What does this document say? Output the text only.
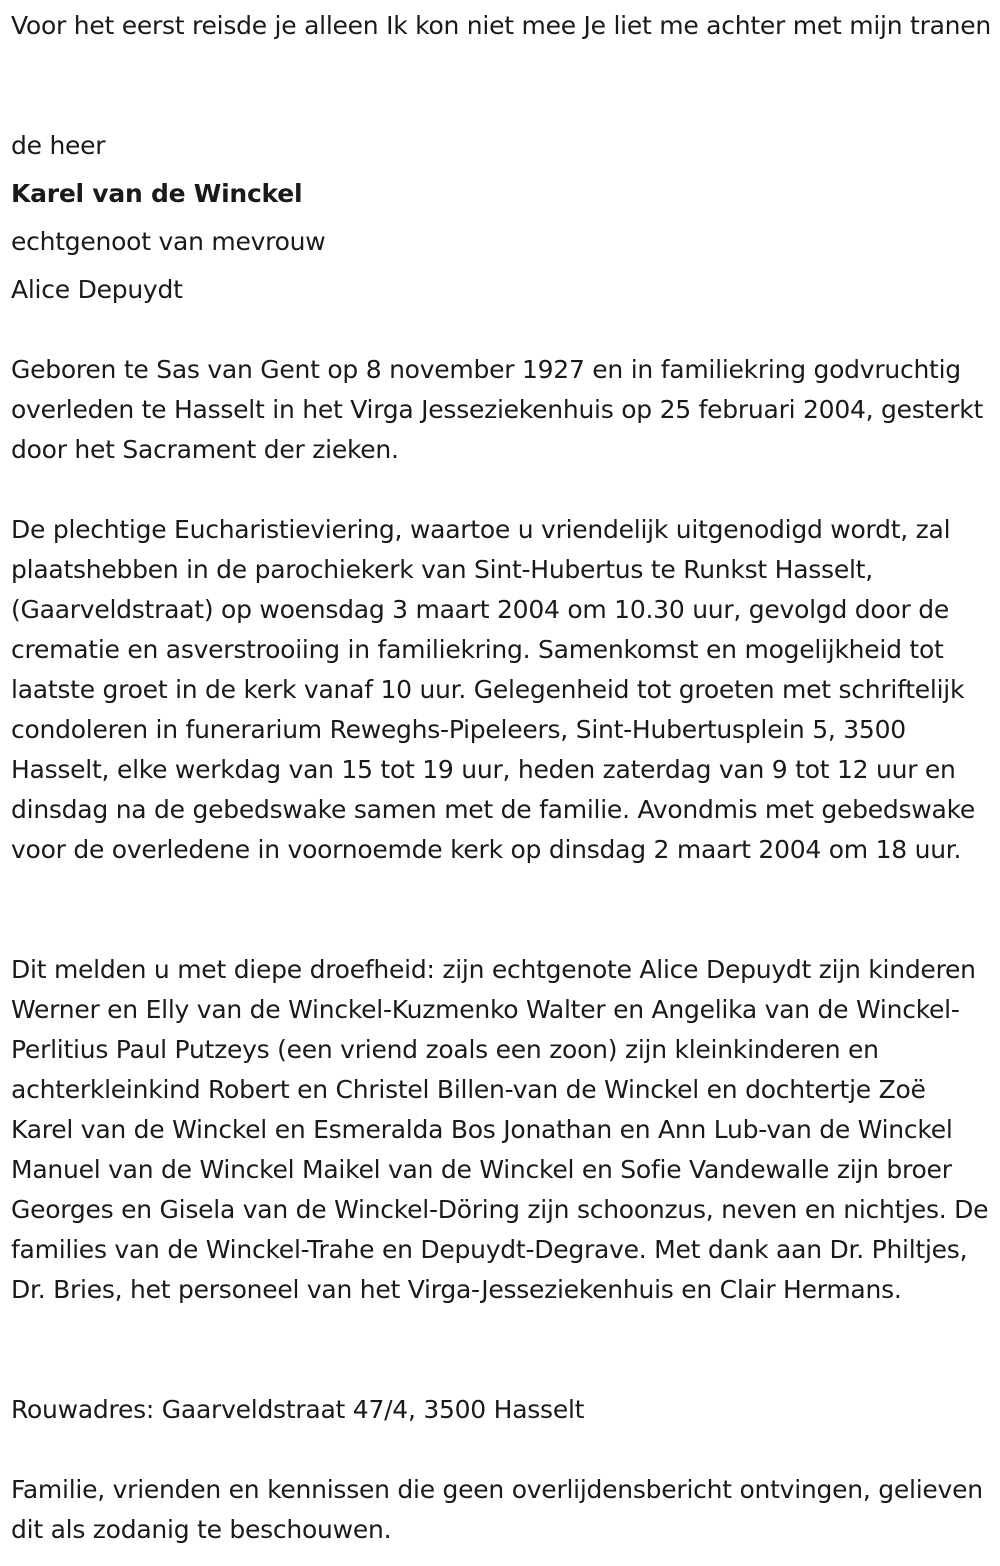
Voor het eerst reisde je alleen Ik kon niet mee Je liet me achter met mijn tranen

de heer

Karel van de Winckel

echtgenoot van mevrouw

Alice Depuydt

Geboren te Sas van Gent op 8 november 1927 en in familiekring godvruchtig overleden te Hasselt in het Virga Jesseziekenhuis op 25 februari 2004, gesterkt door het Sacrament der zieken.

De plechtige Eucharistieviering, waartoe u vriendelijk uitgenodigd wordt, zal plaatshebben in de parochiekerk van Sint-Hubertus te Runkst Hasselt, (Gaarveldstraat) op woensdag 3 maart 2004 om 10.30 uur, gevolgd door de crematie en asverstrooiing in familiekring. Samenkomst en mogelijkheid tot laatste groet in de kerk vanaf 10 uur. Gelegenheid tot groeten met schriftelijk condoleren in funerarium Reweghs-Pipeleers, Sint-Hubertusplein 5, 3500 Hasselt, elke werkdag van 15 tot 19 uur, heden zaterdag van 9 tot 12 uur en dinsdag na de gebedswake samen met de familie. Avondmis met gebedswake voor de overledene in voornoemde kerk op dinsdag 2 maart 2004 om 18 uur.

Dit melden u met diepe droefheid: zijn echtgenote Alice Depuydt zijn kinderen Werner en Elly van de Winckel-Kuzmenko Walter en Angelika van de Winckel-Perlitius Paul Putzeys (een vriend zoals een zoon) zijn kleinkinderen en achterkleinkind Robert en Christel Billen-van de Winckel en dochtertje Zoë Karel van de Winckel en Esmeralda Bos Jonathan en Ann Lub-van de Winckel Manuel van de Winckel Maikel van de Winckel en Sofie Vandewalle zijn broer Georges en Gisela van de Winckel-Döring zijn schoonzus, neven en nichtjes. De families van de Winckel-Trahe en Depuydt-Degrave. Met dank aan Dr. Philtjes, Dr. Bries, het personeel van het Virga-Jesseziekenhuis en Clair Hermans.

Rouwadres: Gaarveldstraat 47/4, 3500 Hasselt

Familie, vrienden en kennissen die geen overlijdensbericht ontvingen, gelieven dit als zodanig te beschouwen.
